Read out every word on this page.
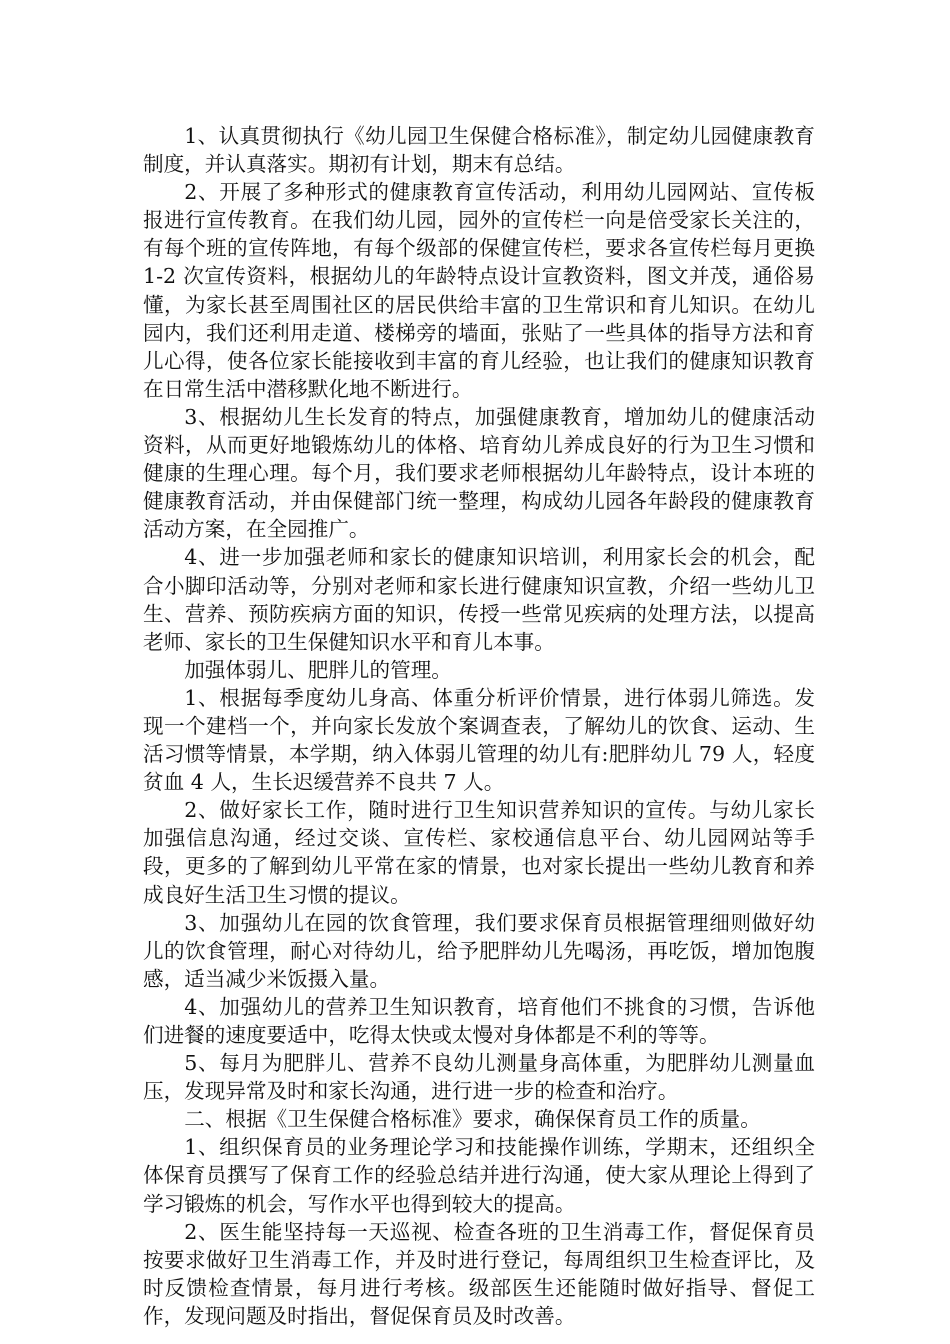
1、认真贯彻执行《幼儿园卫生保健合格标准》，制定幼儿园健康教育制度，并认真落实。期初有计划，期末有总结。

2、开展了多种形式的健康教育宣传活动，利用幼儿园网站、宣传板报进行宣传教育。在我们幼儿园，园外的宣传栏一向是倍受家长关注的，有每个班的宣传阵地，有每个级部的保健宣传栏，要求各宣传栏每月更换 1-2 次宣传资料，根据幼儿的年龄特点设计宣教资料，图文并茂，通俗易懂，为家长甚至周围社区的居民供给丰富的卫生常识和育儿知识。在幼儿园内，我们还利用走道、楼梯旁的墙面，张贴了一些具体的指导方法和育儿心得，使各位家长能接收到丰富的育儿经验，也让我们的健康知识教育在日常生活中潜移默化地不断进行。

3、根据幼儿生长发育的特点，加强健康教育，增加幼儿的健康活动资料，从而更好地锻炼幼儿的体格、培育幼儿养成良好的行为卫生习惯和健康的生理心理。每个月，我们要求老师根据幼儿年龄特点，设计本班的健康教育活动，并由保健部门统一整理，构成幼儿园各年龄段的健康教育活动方案，在全园推广。

4、进一步加强老师和家长的健康知识培训，利用家长会的机会，配合小脚印活动等，分别对老师和家长进行健康知识宣教，介绍一些幼儿卫生、营养、预防疾病方面的知识，传授一些常见疾病的处理方法，以提高老师、家长的卫生保健知识水平和育儿本事。

加强体弱儿、肥胖儿的管理。

1、根据每季度幼儿身高、体重分析评价情景，进行体弱儿筛选。发现一个建档一个，并向家长发放个案调查表，了解幼儿的饮食、运动、生活习惯等情景，本学期，纳入体弱儿管理的幼儿有:肥胖幼儿 79 人，轻度贫血 4 人，生长迟缓营养不良共 7 人。

2、做好家长工作，随时进行卫生知识营养知识的宣传。与幼儿家长加强信息沟通，经过交谈、宣传栏、家校通信息平台、幼儿园网站等手段，更多的了解到幼儿平常在家的情景，也对家长提出一些幼儿教育和养成良好生活卫生习惯的提议。

3、加强幼儿在园的饮食管理，我们要求保育员根据管理细则做好幼儿的饮食管理，耐心对待幼儿，给予肥胖幼儿先喝汤，再吃饭，增加饱腹感，适当减少米饭摄入量。

4、加强幼儿的营养卫生知识教育，培育他们不挑食的习惯，告诉他们进餐的速度要适中，吃得太快或太慢对身体都是不利的等等。

5、每月为肥胖儿、营养不良幼儿测量身高体重，为肥胖幼儿测量血压，发现异常及时和家长沟通，进行进一步的检查和治疗。

二、根据《卫生保健合格标准》要求，确保保育员工作的质量。

1、组织保育员的业务理论学习和技能操作训练，学期末，还组织全体保育员撰写了保育工作的经验总结并进行沟通，使大家从理论上得到了学习锻炼的机会，写作水平也得到较大的提高。

2、医生能坚持每一天巡视、检查各班的卫生消毒工作，督促保育员按要求做好卫生消毒工作，并及时进行登记，每周组织卫生检查评比，及时反馈检查情景，每月进行考核。级部医生还能随时做好指导、督促工作，发现问题及时指出，督促保育员及时改善。
